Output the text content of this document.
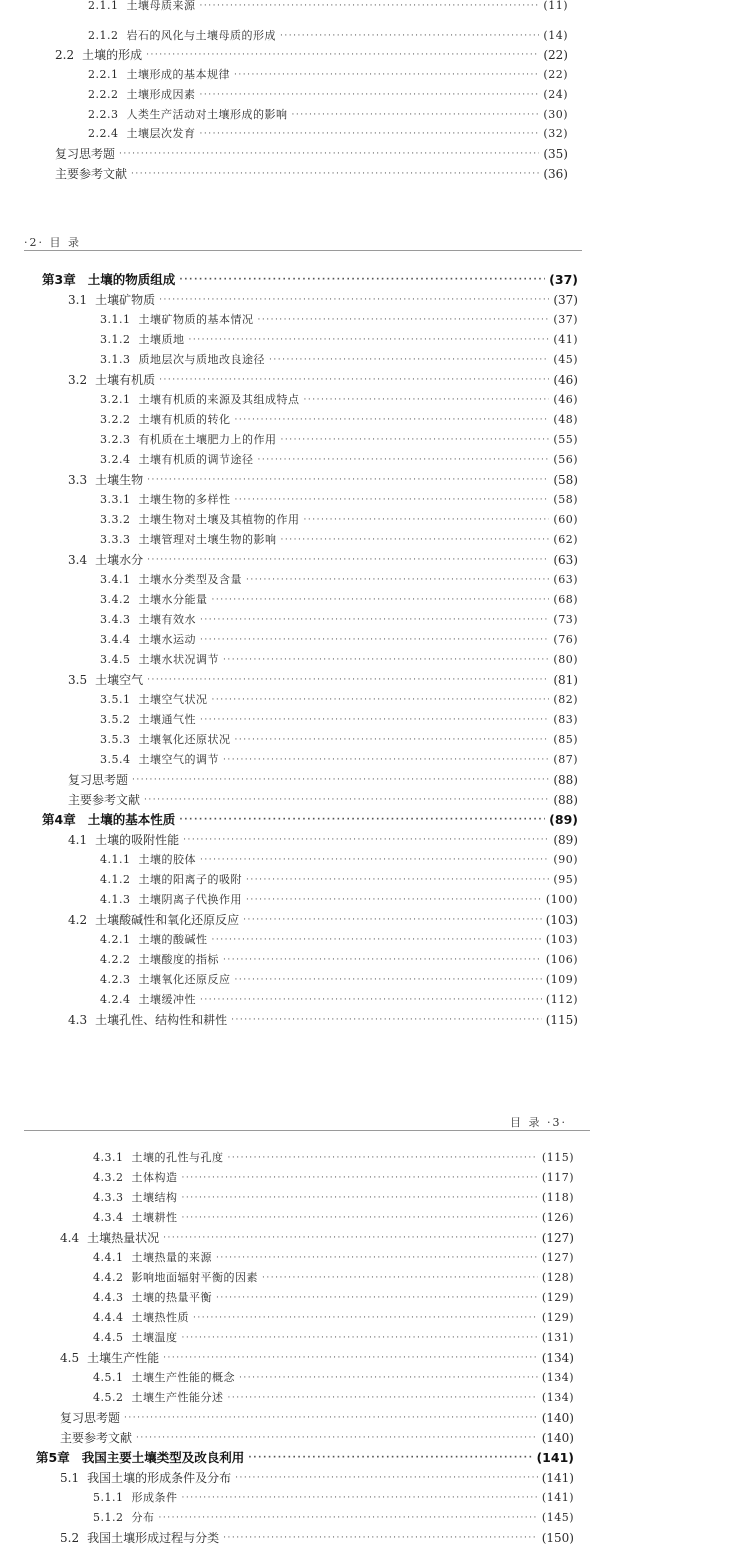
2.1.1 土壤母质来源 ·····	(11)
2.1.2 岩石的风化与土壤母质的形成 ·····	(14)
2.2 土壤的形成 ·····	(22)
2.2.1 土壤形成的基本规律 ·····	(22)
2.2.2 土壤形成因素 ·····	(24)
2.2.3 人类生产活动对土壤形成的影响 ·····	(30)
2.2.4 土壤层次发育 ·····	(32)
复习思考题 ·····	(35)
主要参考文献 ·····	(36)
·2· 目 录
第3章 土壤的物质组成 ·····	(37)
3.1 土壤矿物质 ·····	(37)
3.1.1 土壤矿物质的基本情况 ·····	(37)
3.1.2 土壤质地 ·····	(41)
3.1.3 质地层次与质地改良途径 ·····	(45)
3.2 土壤有机质 ·····	(46)
3.2.1 土壤有机质的来源及其组成特点 ·····	(46)
3.2.2 土壤有机质的转化 ·····	(48)
3.2.3 有机质在土壤肥力上的作用 ·····	(55)
3.2.4 土壤有机质的调节途径 ·····	(56)
3.3 土壤生物 ·····	(58)
3.3.1 土壤生物的多样性 ·····	(58)
3.3.2 土壤生物对土壤及其植物的作用 ·····	(60)
3.3.3 土壤管理对土壤生物的影响 ·····	(62)
3.4 土壤水分 ·····	(63)
3.4.1 土壤水分类型及含量 ·····	(63)
3.4.2 土壤水分能量 ·····	(68)
3.4.3 土壤有效水 ·····	(73)
3.4.4 土壤水运动 ·····	(76)
3.4.5 土壤水状况调节 ·····	(80)
3.5 土壤空气 ·····	(81)
3.5.1 土壤空气状况 ·····	(82)
3.5.2 土壤通气性 ·····	(83)
3.5.3 土壤氧化还原状况 ·····	(85)
3.5.4 土壤空气的调节 ·····	(87)
复习思考题 ·····	(88)
主要参考文献 ·····	(88)
第4章 土壤的基本性质 ·····	(89)
4.1 土壤的吸附性能 ·····	(89)
4.1.1 土壤的胶体 ·····	(90)
4.1.2 土壤的阳离子的吸附 ·····	(95)
4.1.3 土壤阴离子代换作用 ·····	(100)
4.2 土壤酸碱性和氧化还原反应 ·····	(103)
4.2.1 土壤的酸碱性 ·····	(103)
4.2.2 土壤酸度的指标 ·····	(106)
4.2.3 土壤氧化还原反应 ·····	(109)
4.2.4 土壤缓冲性 ·····	(112)
4.3 土壤孔性、结构性和耕性 ·····	(115)
目 录 ·3·
4.3.1 土壤的孔性与孔度 ·····	(115)
4.3.2 土体构造 ·····	(117)
4.3.3 土壤结构 ·····	(118)
4.3.4 土壤耕性 ·····	(126)
4.4 土壤热量状况 ·····	(127)
4.4.1 土壤热量的来源 ·····	(127)
4.4.2 影响地面辐射平衡的因素 ·····	(128)
4.4.3 土壤的热量平衡 ·····	(129)
4.4.4 土壤热性质 ·····	(129)
4.4.5 土壤温度 ·····	(131)
4.5 土壤生产性能 ·····	(134)
4.5.1 土壤生产性能的概念 ·····	(134)
4.5.2 土壤生产性能分述 ·····	(134)
复习思考题 ·····	(140)
主要参考文献 ·····	(140)
第5章 我国主要土壤类型及改良利用 ·····	(141)
5.1 我国土壤的形成条件及分布 ·····	(141)
5.1.1 形成条件 ·····	(141)
5.1.2 分布 ·····	(145)
5.2 我国土壤形成过程与分类 ·····	(150)
